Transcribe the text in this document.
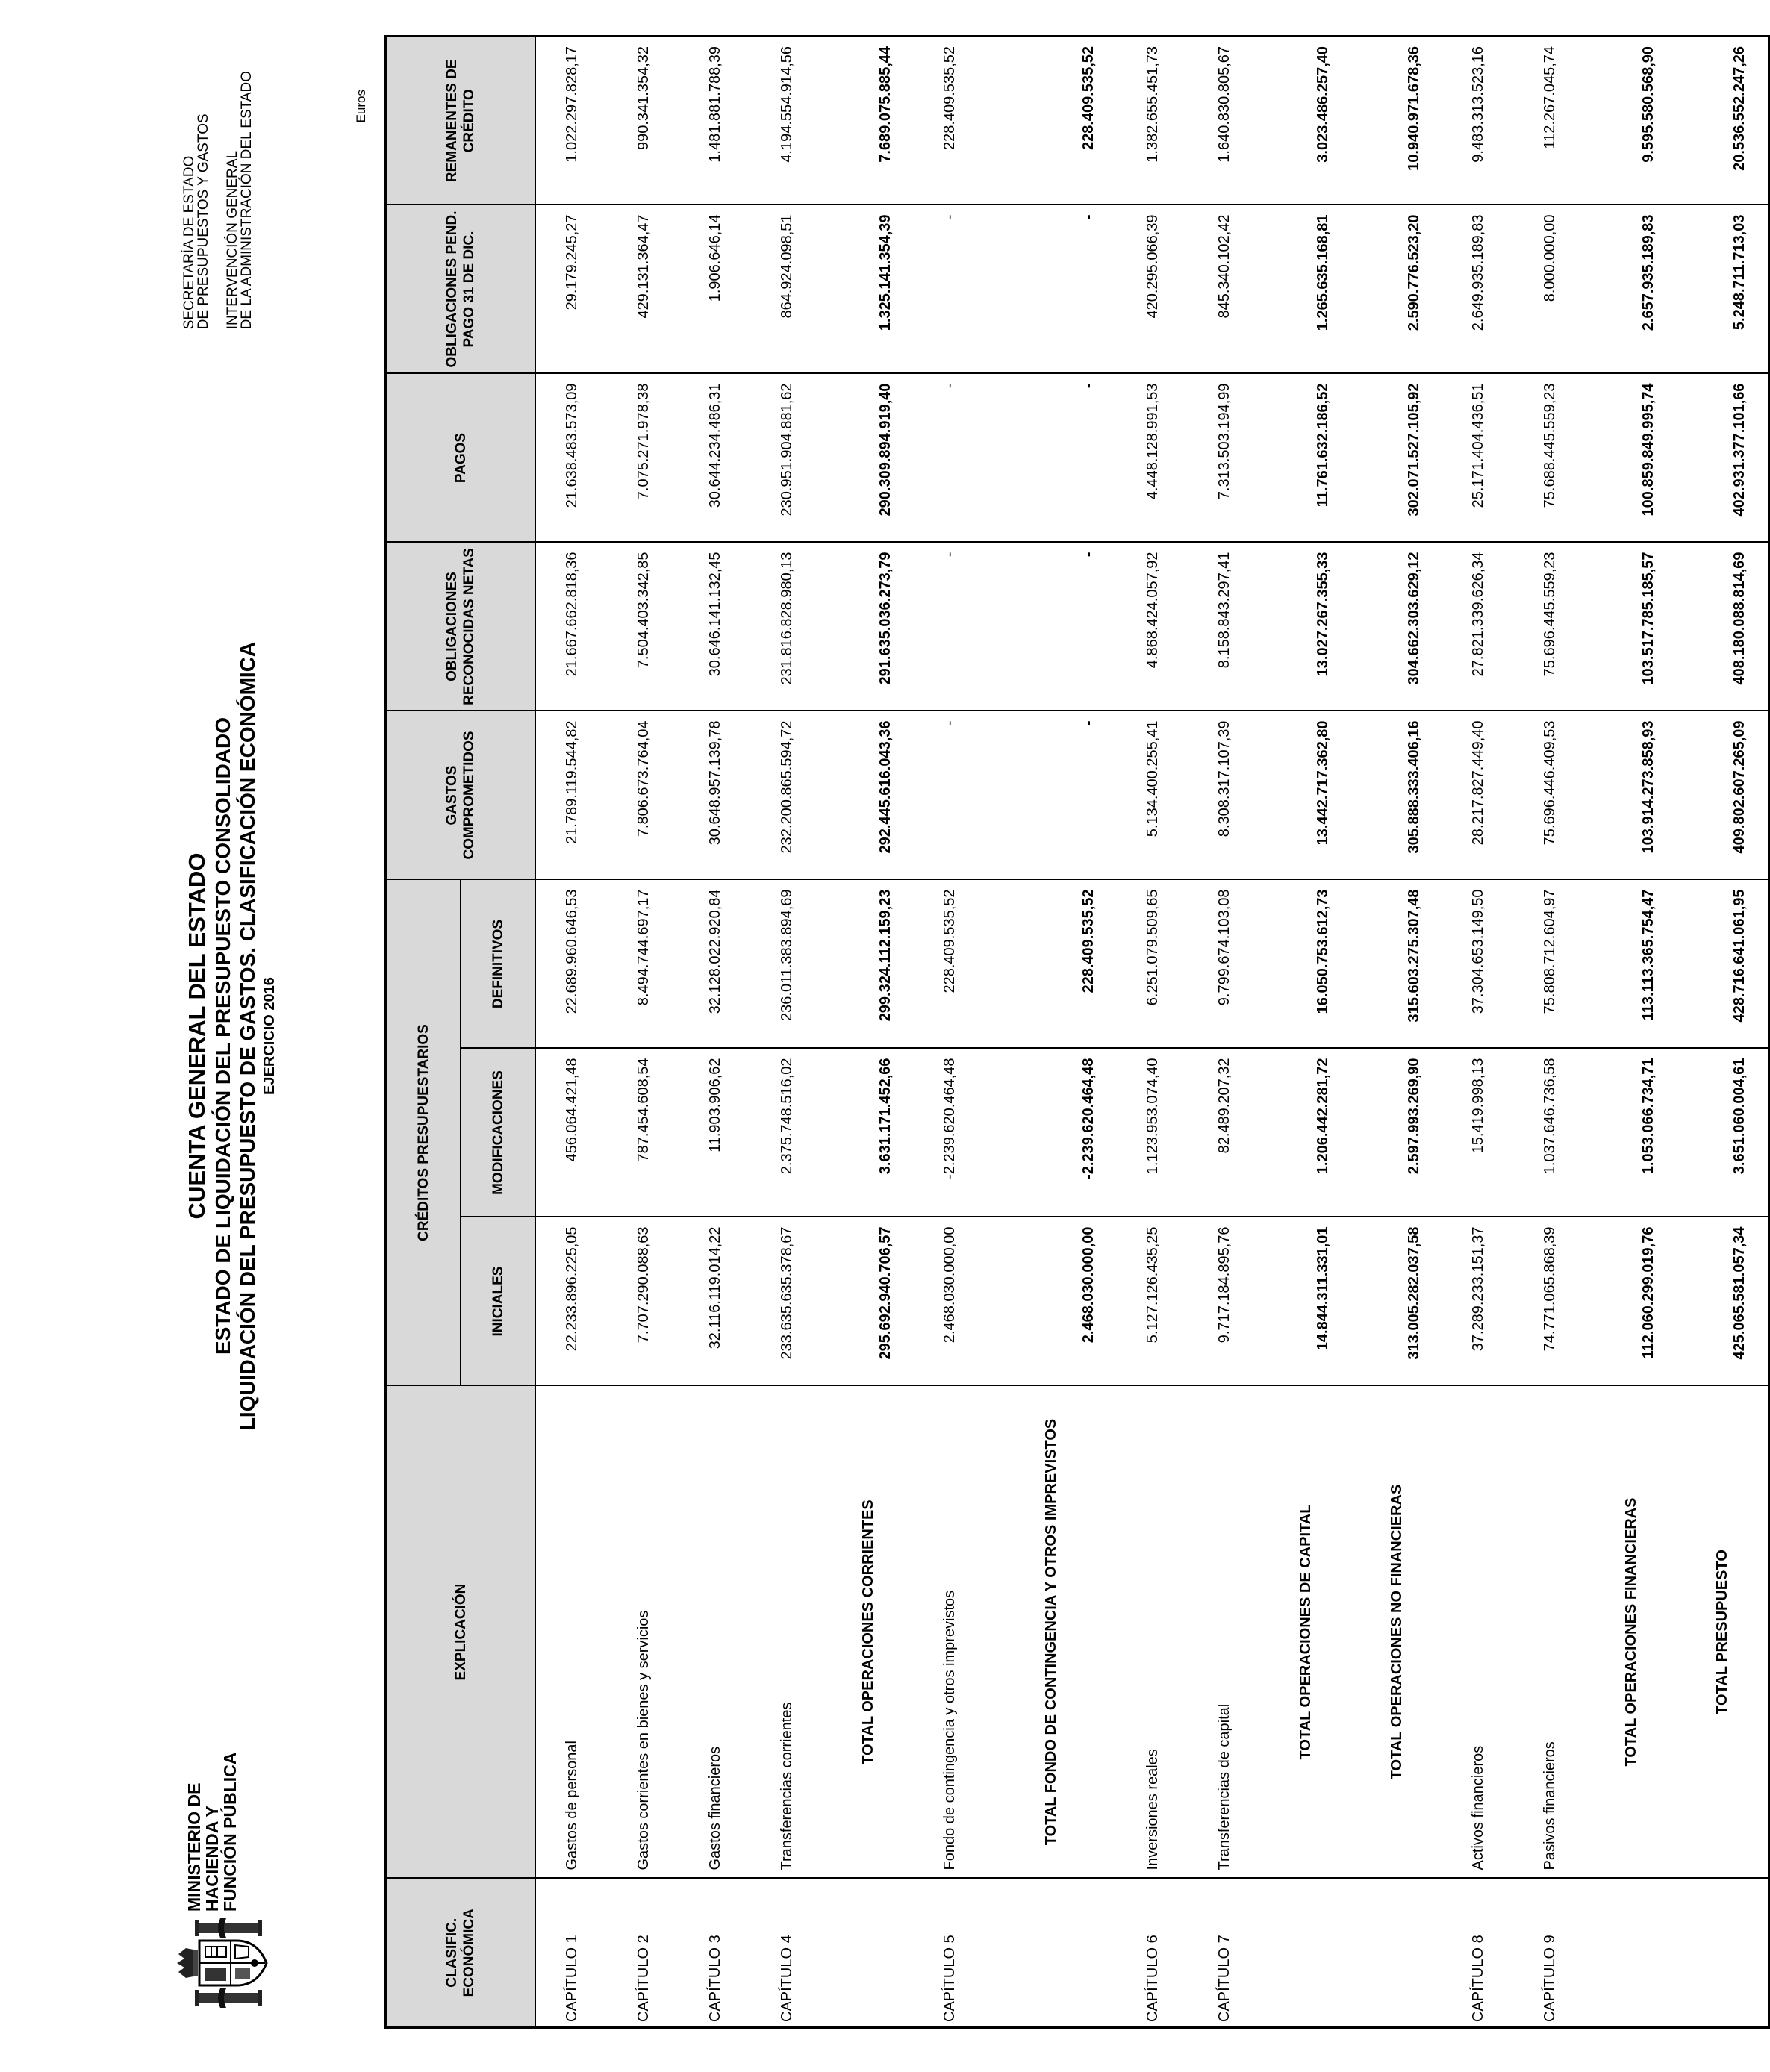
MINISTERIO DE
HACIENDA Y
FUNCIÓN PÚBLICA
CUENTA GENERAL DEL ESTADO ESTADO DE LIQUIDACIÓN DEL PRESUPUESTO CONSOLIDADO LIQUIDACIÓN DEL PRESUPUESTO DE GASTOS. CLASIFICACIÓN ECONÓMICA EJERCICIO 2016
SECRETARÍA DE ESTADO
DE PRESUPUESTOS Y GASTOS INTERVENCIÓN GENERAL
DE LA ADMINISTRACIÓN DEL ESTADO	Euros
CLASIFIC. ECONÓMICA	EXPLICACIÓN	CRÉDITOS PRESUPUESTARIOS			GASTOS COMPROMETIDOS	OBLIGACIONES RECONOCIDAS NETAS	PAGOS	OBLIGACIONES PEND. PAGO 31 DE DIC.	REMANENTES DE CRÉDITO
		INICIALES	MODIFICACIONES	DEFINITIVOS					
CAPÍTULO 1	Gastos de personal	22.233.896.225,05	456.064.421,48	22.689.960.646,53	21.789.119.544,82	21.667.662.818,36	21.638.483.573,09	29.179.245,27	1.022.297.828,17
CAPÍTULO 2	Gastos corrientes en bienes y servicios	7.707.290.088,63	787.454.608,54	8.494.744.697,17	7.806.673.764,04	7.504.403.342,85	7.075.271.978,38	429.131.364,47	990.341.354,32
CAPÍTULO 3	Gastos financieros	32.116.119.014,22	11.903.906,62	32.128.022.920,84	30.648.957.139,78	30.646.141.132,45	30.644.234.486,31	1.906.646,14	1.481.881.788,39
CAPÍTULO 4	Transferencias corrientes	233.635.635.378,67	2.375.748.516,02	236.011.383.894,69	232.200.865.594,72	231.816.828.980,13	230.951.904.881,62	864.924.098,51	4.194.554.914,56
	TOTAL OPERACIONES CORRIENTES	295.692.940.706,57	3.631.171.452,66	299.324.112.159,23	292.445.616.043,36	291.635.036.273,79	290.309.894.919,40	1.325.141.354,39	7.689.075.885,44
CAPÍTULO 5	Fondo de contingencia y otros imprevistos	2.468.030.000,00	-2.239.620.464,48	228.409.535,52	-	-	-	-	228.409.535,52
	TOTAL FONDO DE CONTINGENCIA Y OTROS IMPREVISTOS	2.468.030.000,00	-2.239.620.464,48	228.409.535,52	-	-	-	-	228.409.535,52
CAPÍTULO 6	Inversiones reales	5.127.126.435,25	1.123.953.074,40	6.251.079.509,65	5.134.400.255,41	4.868.424.057,92	4.448.128.991,53	420.295.066,39	1.382.655.451,73
CAPÍTULO 7	Transferencias de capital	9.717.184.895,76	82.489.207,32	9.799.674.103,08	8.308.317.107,39	8.158.843.297,41	7.313.503.194,99	845.340.102,42	1.640.830.805,67
	TOTAL OPERACIONES DE CAPITAL	14.844.311.331,01	1.206.442.281,72	16.050.753.612,73	13.442.717.362,80	13.027.267.355,33	11.761.632.186,52	1.265.635.168,81	3.023.486.257,40
	TOTAL OPERACIONES NO FINANCIERAS	313.005.282.037,58	2.597.993.269,90	315.603.275.307,48	305.888.333.406,16	304.662.303.629,12	302.071.527.105,92	2.590.776.523,20	10.940.971.678,36
CAPÍTULO 8	Activos financieros	37.289.233.151,37	15.419.998,13	37.304.653.149,50	28.217.827.449,40	27.821.339.626,34	25.171.404.436,51	2.649.935.189,83	9.483.313.523,16
CAPÍTULO 9	Pasivos financieros	74.771.065.868,39	1.037.646.736,58	75.808.712.604,97	75.696.446.409,53	75.696.445.559,23	75.688.445.559,23	8.000.000,00	112.267.045,74
	TOTAL OPERACIONES FINANCIERAS	112.060.299.019,76	1.053.066.734,71	113.113.365.754,47	103.914.273.858,93	103.517.785.185,57	100.859.849.995,74	2.657.935.189,83	9.595.580.568,90
	TOTAL PRESUPUESTO	425.065.581.057,34	3.651.060.004,61	428.716.641.061,95	409.802.607.265,09	408.180.088.814,69	402.931.377.101,66	5.248.711.713,03	20.536.552.247,26
